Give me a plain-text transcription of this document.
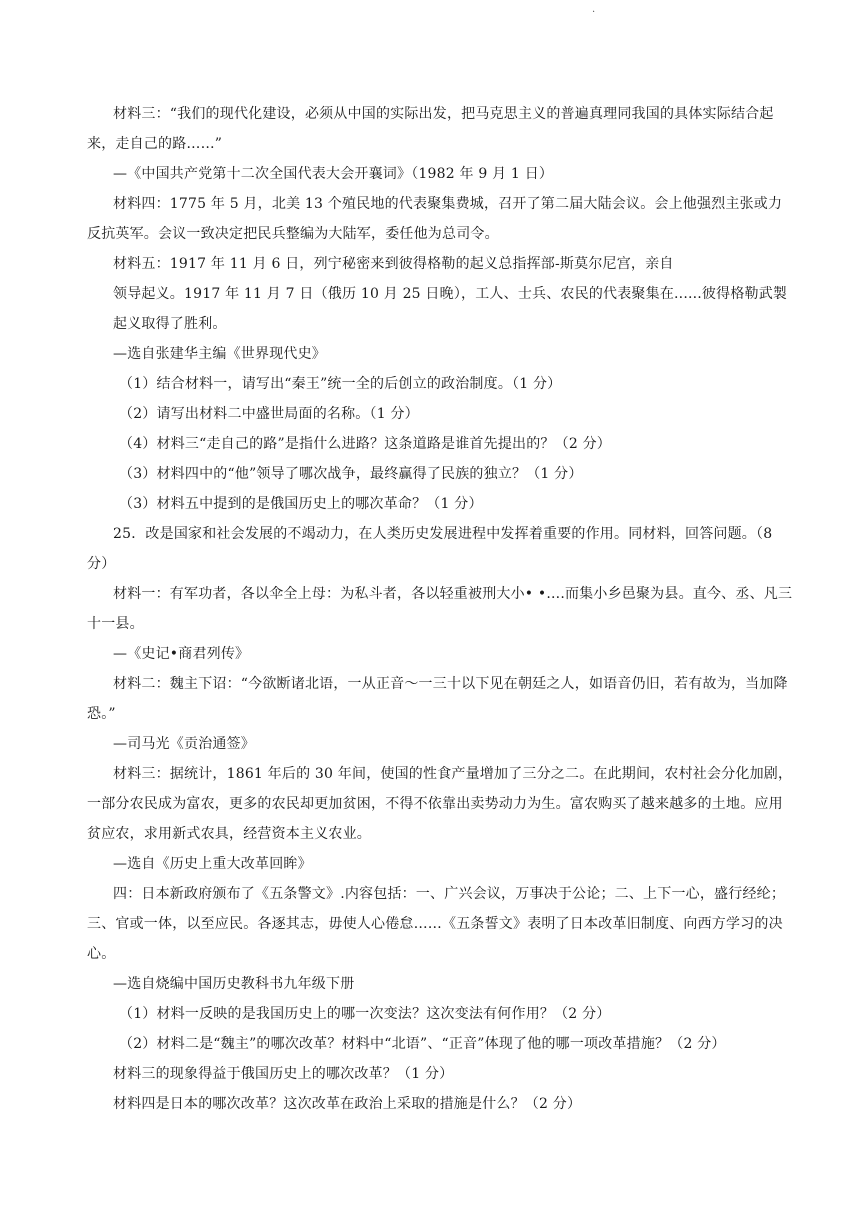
.

材料三：“我们的现代化建设，必须从中国的实际出发，把马克思主义的普遍真理同我国的具体实际结合起来，走自己的路……”

—《中国共产党第十二次全国代表大会开襄词》（1982 年 9 月 1 日）

材料四：1775 年 5 月，北美 13 个殖民地的代表聚集费城，召开了第二届大陆会议。会上他强烈主张或力反抗英军。会议一致决定把民兵整编为大陆军，委任他为总司令。

材料五：1917 年 11 月 6 日，列宁秘密来到彼得格勒的起义总指挥部-斯莫尔尼宫，亲自

领导起义。1917 年 11 月 7 日（俄历 10 月 25 日晚），工人、士兵、农民的代表聚集在......彼得格勒武製起义取得了胜利。

—选自张建华主编《世界现代史》

（1）结合材料一，请写出“秦王”统一全的后创立的政治制度。（1 分）

（2）请写出材料二中盛世局面的名称。（1 分）

（4）材料三“走自己的路”是指什么进路？这条道路是谁首先提出的？（2 分）

（3）材料四中的“他”领导了哪次战争，最终赢得了民族的独立？（1 分）

（3）材料五中提到的是俄国历史上的哪次革命？（1 分）

25．改是国家和社会发展的不竭动力，在人类历史发展进程中发挥着重要的作用。同材料，回答问题。（8 分）

材料一：有军功者，各以伞全上母：为私斗者，各以轻重被刑大小• •....而集小乡邑聚为县。直今、丞、凡三十一县。

—《史记•商君列传》

材料二：魏主下诏：“今欲断诸北语，一从正音～一三十以下见在朝廷之人，如语音仍旧，若有故为，当加降恐。”

—司马光《贡治通签》

材料三：据统计，1861 年后的 30 年间，使国的性食产量增加了三分之二。在此期间，农村社会分化加剧，一部分农民成为富农，更多的农民却更加贫困，不得不依靠出卖势动力为生。富农购买了越来越多的土地。应用贫应农，求用新式农具，经营资本主义农业。

—选自《历史上重大改革回眸》

四：日本新政府颁布了《五条警文》.内容包括：一、广兴会议，万事决于公论；二、上下一心，盛行经纶；三、官或一体，以至应民。各逐其志，毋使人心倦怠……《五条誓文》表明了日本改革旧制度、向西方学习的决心。

—选自烧编中国历史教科书九年级下册

（1）材料一反映的是我国历史上的哪一次变法？这次变法有何作用？（2 分）

（2）材料二是“魏主”的哪次改革？材料中“北语”、“正音”体现了他的哪一项改革措施？（2 分）

材料三的现象得益于俄国历史上的哪次改革？（1 分）

材料四是日本的哪次改革？这次改革在政治上采取的措施是什么？（2 分）
